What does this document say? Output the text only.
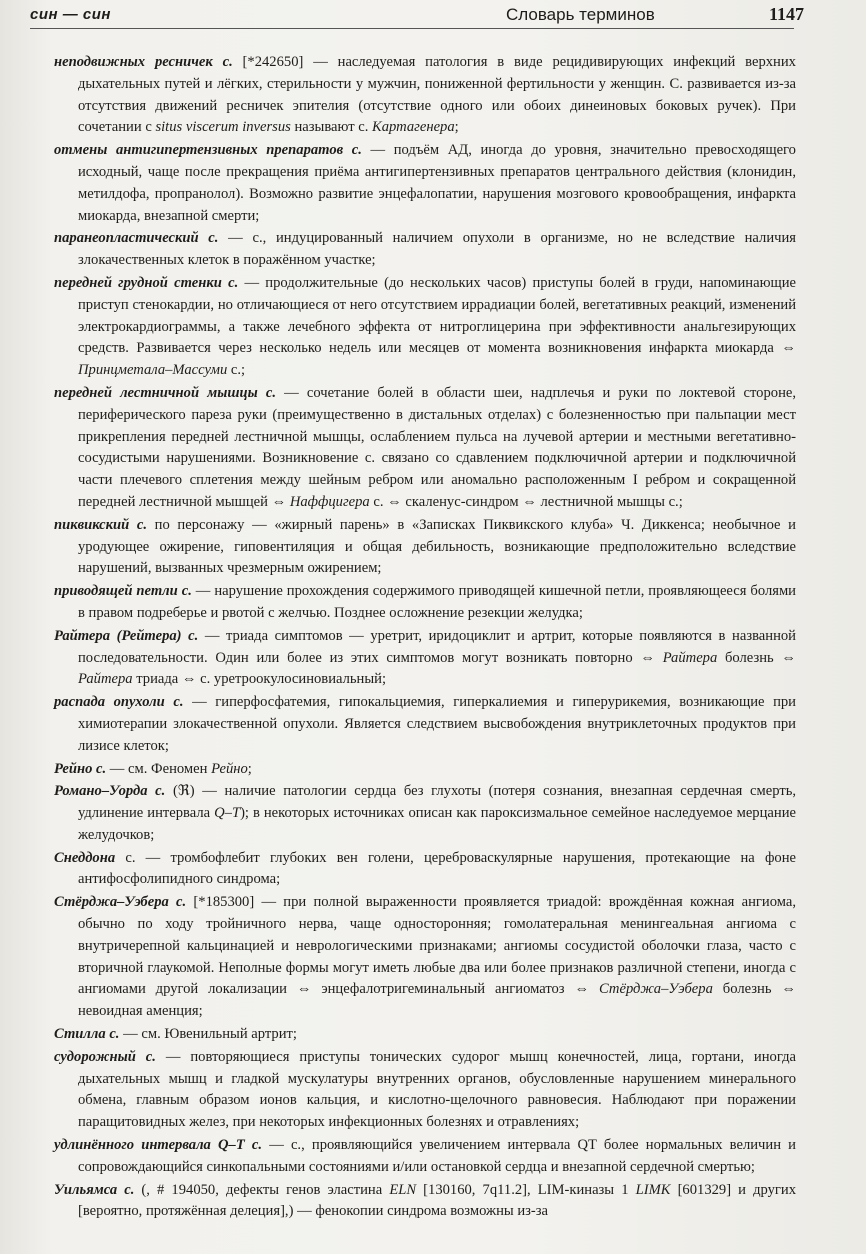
син — син	Словарь терминов	1147

неподвижных ресничек с. [*242650] — наследуемая патология в виде рецидивирующих инфекций верхних дыхательных путей и лёгких, стерильности у мужчин, пониженной фертильности у женщин. С. развивается из-за отсутствия движений ресничек эпителия (отсутствие одного или обоих динеиновых боковых ручек). При сочетании с situs viscerum inversus называют с. Картагенера;

отмены антигипертензивных препаратов с. — подъём АД, иногда до уровня, значительно превосходящего исходный, чаще после прекращения приёма антигипертензивных препаратов центрального действия (клонидин, метилдофа, пропранолол). Возможно развитие энцефалопатии, нарушения мозгового кровообращения, инфаркта миокарда, внезапной смерти;

паранеопластический с. — с., индуцированный наличием опухоли в организме, но не вследствие наличия злокачественных клеток в поражённом участке;

передней грудной стенки с. — продолжительные (до нескольких часов) приступы болей в груди, напоминающие приступ стенокардии, но отличающиеся от него отсутствием иррадиации болей, вегетативных реакций, изменений электрокардиограммы, а также лечебного эффекта от нитроглицерина при эффективности анальгезирующих средств. Развивается через несколько недель или месяцев от момента возникновения инфаркта миокарда ⇔ Принцметала–Массуми с.;

передней лестничной мышцы с. — сочетание болей в области шеи, надплечья и руки по локтевой стороне, периферического пареза руки (преимущественно в дистальных отделах) с болезненностью при пальпации мест прикрепления передней лестничной мышцы, ослаблением пульса на лучевой артерии и местными вегетативно-сосудистыми нарушениями. Возникновение с. связано со сдавлением подключичной артерии и подключичной части плечевого сплетения между шейным ребром или аномально расположенным I ребром и сокращенной передней лестничной мышцей ⇔ Наффцигера с. ⇔ скаленус-синдром ⇔ лестничной мышцы с.;

пиквикский с. по персонажу — «жирный парень» в «Записках Пиквикского клуба» Ч. Диккенса; необычное и уродующее ожирение, гиповентиляция и общая дебильность, возникающие предположительно вследствие нарушений, вызванных чрезмерным ожирением;

приводящей петли с. — нарушение прохождения содержимого приводящей кишечной петли, проявляющееся болями в правом подреберье и рвотой с желчью. Позднее осложнение резекции желудка;

Райтера (Рейтера) с. — триада симптомов — уретрит, иридоциклит и артрит, которые появляются в названной последовательности. Один или более из этих симптомов могут возникать повторно ⇔ Райтера болезнь ⇔ Райтера триада ⇔ с. уретроокулосиновиальный;

распада опухоли с. — гиперфосфатемия, гипокальциемия, гиперкалиемия и гиперурикемия, возникающие при химиотерапии злокачественной опухоли. Является следствием высвобождения внутриклеточных продуктов при лизисе клеток;

Рейно с. — см. Феномен Рейно;

Романо–Уорда с. (ℜ) — наличие патологии сердца без глухоты (потеря сознания, внезапная сердечная смерть, удлинение интервала Q–T); в некоторых источниках описан как пароксизмальное семейное наследуемое мерцание желудочков;

Снеддона с. — тромбофлебит глубоких вен голени, цереброваскулярные нарушения, протекающие на фоне антифосфолипидного синдрома;

Стёрджа–Уэбера с. [*185300] — при полной выраженности проявляется триадой: врождённая кожная ангиома, обычно по ходу тройничного нерва, чаще односторонняя; гомолатеральная менингеальная ангиома с внутричерепной кальцинацией и неврологическими признаками; ангиомы сосудистой оболочки глаза, часто с вторичной глаукомой. Неполные формы могут иметь любые два или более признаков различной степени, иногда с ангиомами другой локализации ⇔ энцефалотригеминальный ангиоматоз ⇔ Стёрджа–Уэбера болезнь ⇔ невоидная аменция;

Стилла с. — см. Ювенильный артрит;

судорожный с. — повторяющиеся приступы тонических судорог мышц конечностей, лица, гортани, иногда дыхательных мышц и гладкой мускулатуры внутренних органов, обусловленные нарушением минерального обмена, главным образом ионов кальция, и кислотно-щелочного равновесия. Наблюдают при поражении паращитовидных желез, при некоторых инфекционных болезнях и отравлениях;

удлинённого интервала Q–T с. — с., проявляющийся увеличением интервала QT более нормальных величин и сопровождающийся синкопальными состояниями и/или остановкой сердца и внезапной сердечной смертью;

Уильямса с. (, # 194050, дефекты генов эластина ELN [130160, 7q11.2], LIM-киназы 1 LIMK [601329] и других [вероятно, протяжённая делеция],) — фенокопии синдрома возможны из-за
